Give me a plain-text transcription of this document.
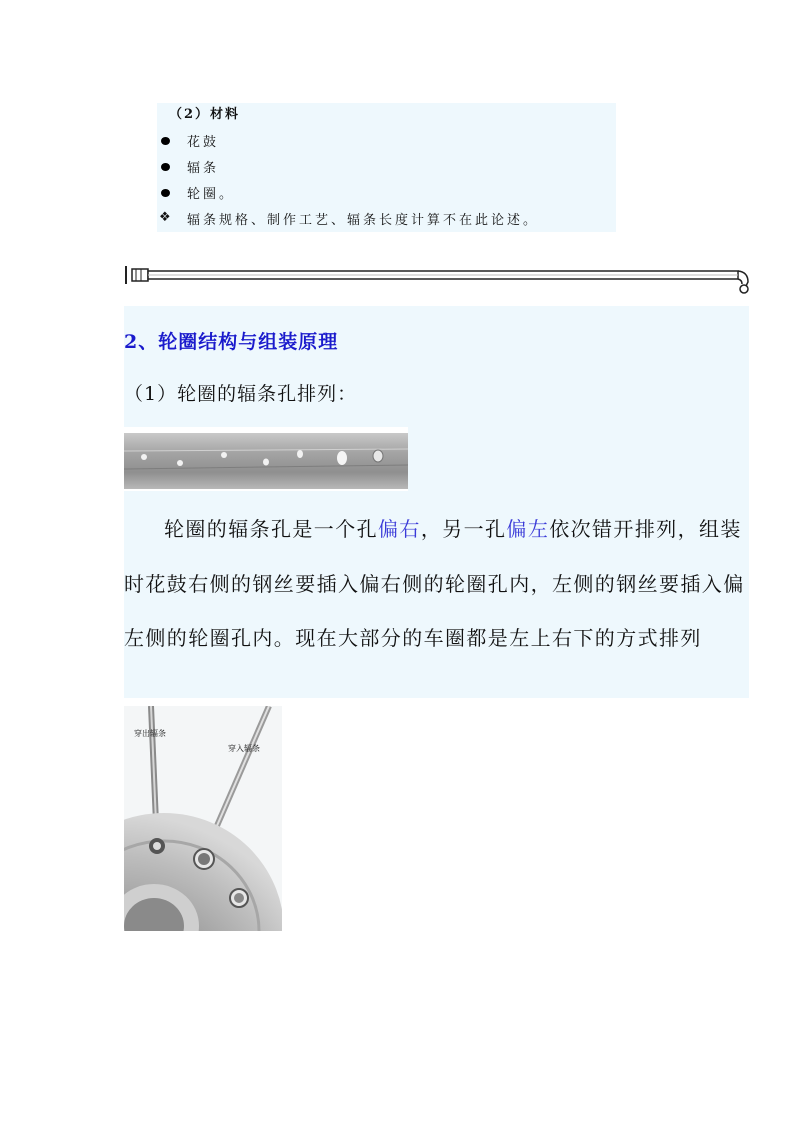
（2）材料
花鼓
辐条
轮圈。
❖ 辐条规格、制作工艺、辐条长度计算不在此论述。
2、轮圈结构与组装原理
（1）轮圈的辐条孔排列：
轮圈的辐条孔是一个孔偏右，另一孔偏左依次错开排列，组装时花鼓右侧的钢丝要插入偏右侧的轮圈孔内，左侧的钢丝要插入偏左侧的轮圈孔内。现在大部分的车圈都是左上右下的方式排列
穿出辐条
穿入辐条
